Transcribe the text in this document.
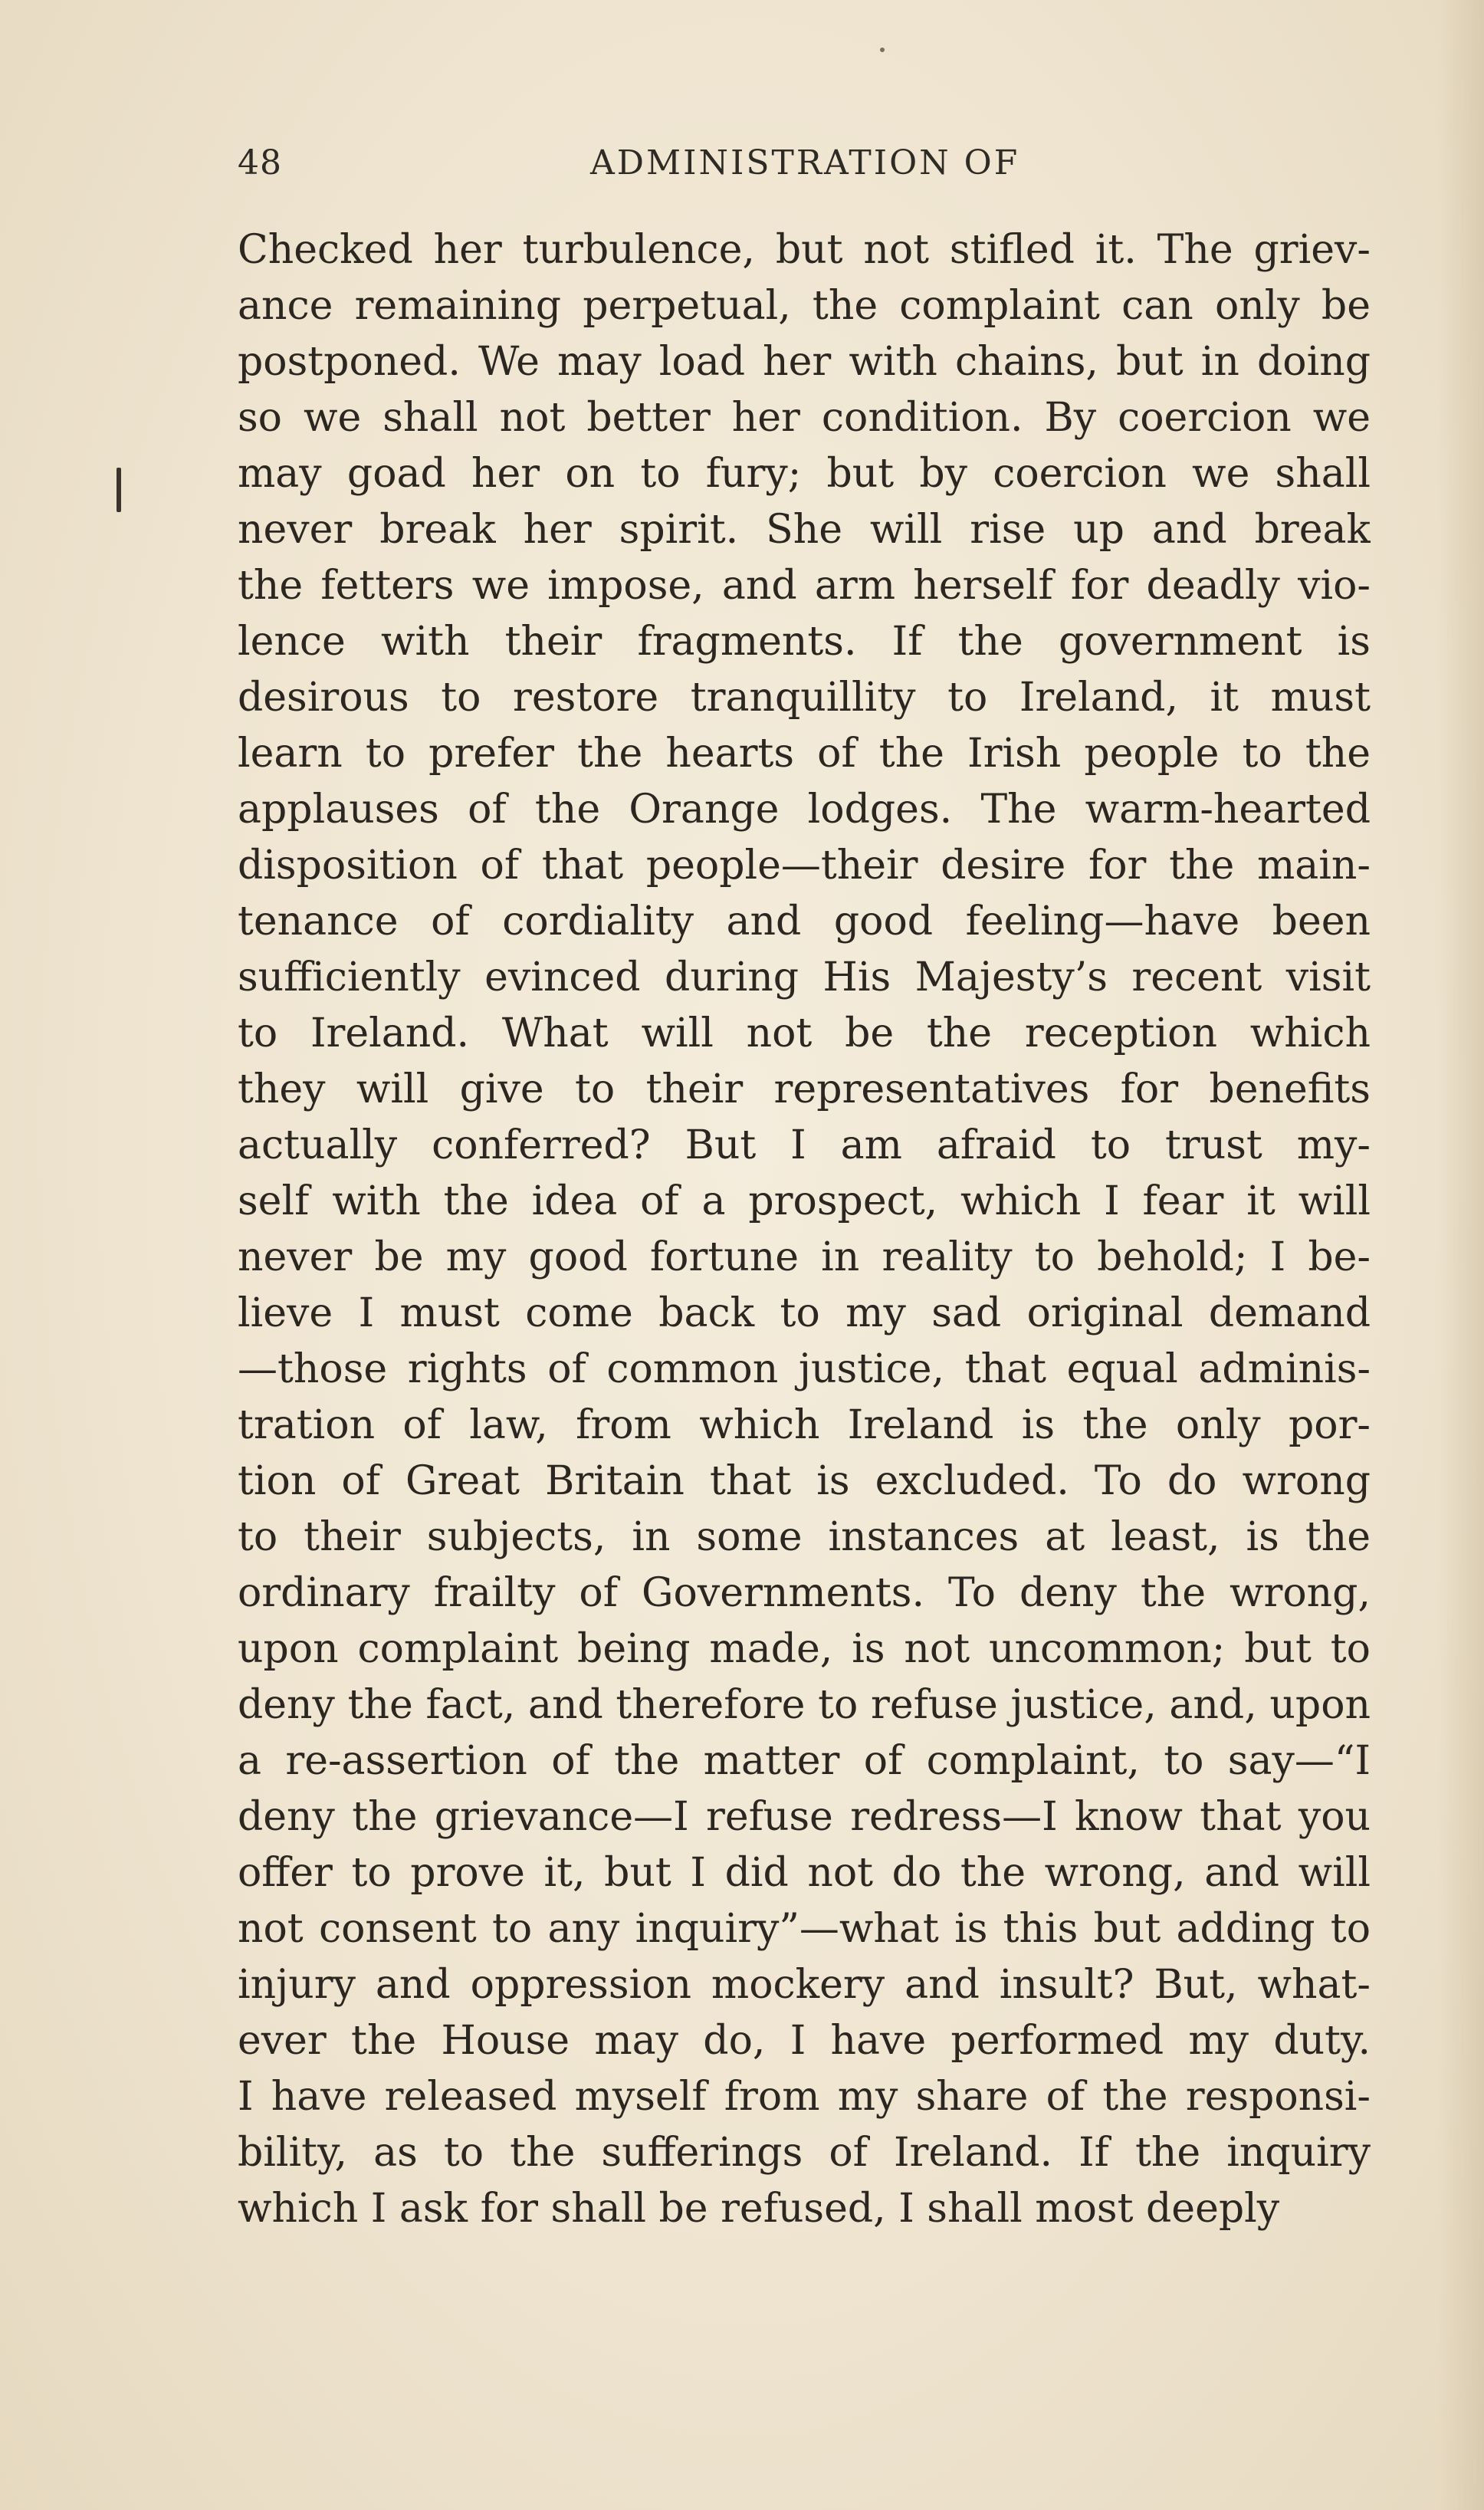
48	ADMINISTRATION OF
Checked her turbulence, but not stifled it. The griev-
ance remaining perpetual, the complaint can only be
postponed. We may load her with chains, but in doing
so we shall not better her condition. By coercion we
may goad her on to fury; but by coercion we shall
never break her spirit. She will rise up and break
the fetters we impose, and arm herself for deadly vio-
lence with their fragments. If the government is
desirous to restore tranquillity to Ireland, it must
learn to prefer the hearts of the Irish people to the
applauses of the Orange lodges. The warm-hearted
disposition of that people—their desire for the main-
tenance of cordiality and good feeling—have been
sufficiently evinced during His Majesty’s recent visit
to Ireland. What will not be the reception which
they will give to their representatives for benefits
actually conferred? But I am afraid to trust my-
self with the idea of a prospect, which I fear it will
never be my good fortune in reality to behold; I be-
lieve I must come back to my sad original demand
—those rights of common justice, that equal adminis-
tration of law, from which Ireland is the only por-
tion of Great Britain that is excluded. To do wrong
to their subjects, in some instances at least, is the
ordinary frailty of Governments. To deny the wrong,
upon complaint being made, is not uncommon; but to
deny the fact, and therefore to refuse justice, and, upon
a re-assertion of the matter of complaint, to say—“I
deny the grievance—I refuse redress—I know that you
offer to prove it, but I did not do the wrong, and will
not consent to any inquiry”—what is this but adding to
injury and oppression mockery and insult? But, what-
ever the House may do, I have performed my duty.
I have released myself from my share of the responsi-
bility, as to the sufferings of Ireland. If the inquiry
which I ask for shall be refused, I shall most deeply
